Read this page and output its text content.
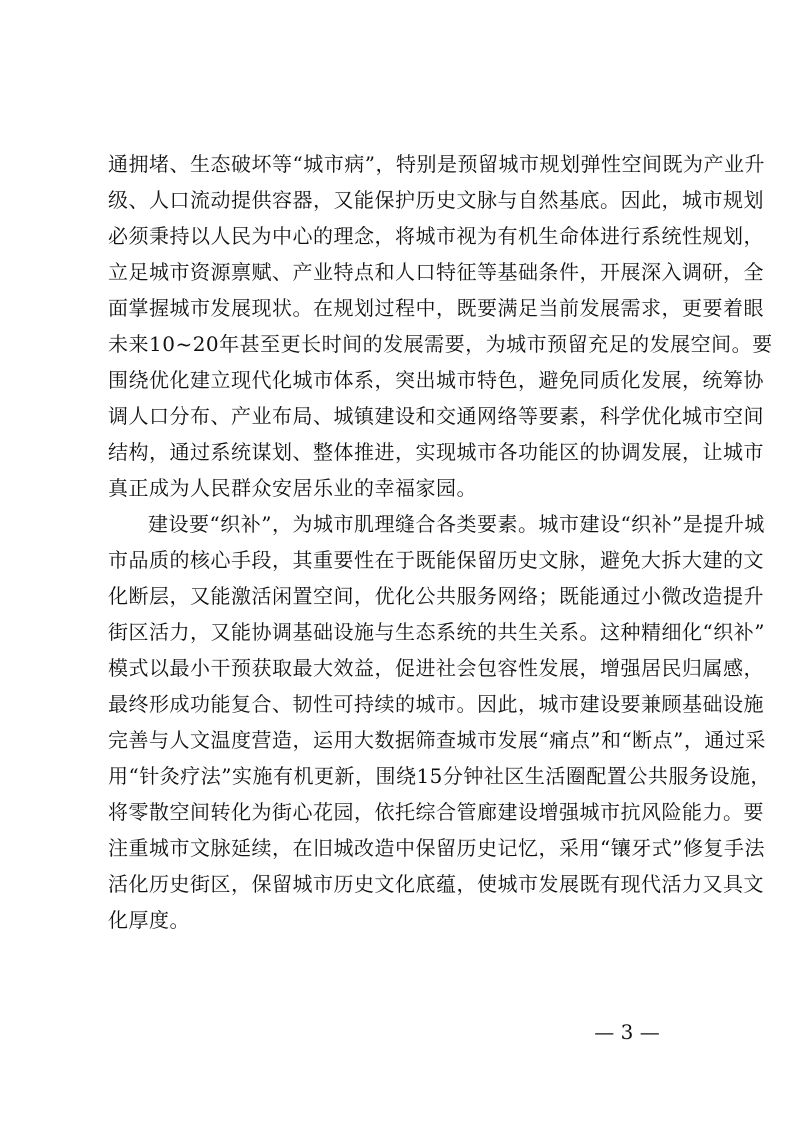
通拥堵、生态破坏等“城市病”，特别是预留城市规划弹性空间既为产业升
级、人口流动提供容器，又能保护历史文脉与自然基底。因此，城市规划
必须秉持以人民为中心的理念，将城市视为有机生命体进行系统性规划，
立足城市资源禀赋、产业特点和人口特征等基础条件，开展深入调研，全
面掌握城市发展现状。在规划过程中，既要满足当前发展需求，更要着眼
未来10~20年甚至更长时间的发展需要，为城市预留充足的发展空间。要
围绕优化建立现代化城市体系，突出城市特色，避免同质化发展，统筹协
调人口分布、产业布局、城镇建设和交通网络等要素，科学优化城市空间
结构，通过系统谋划、整体推进，实现城市各功能区的协调发展，让城市
真正成为人民群众安居乐业的幸福家园。
建设要“织补”，为城市肌理缝合各类要素。城市建设“织补”是提升城
市品质的核心手段，其重要性在于既能保留历史文脉，避免大拆大建的文
化断层，又能激活闲置空间，优化公共服务网络；既能通过小微改造提升
街区活力，又能协调基础设施与生态系统的共生关系。这种精细化“织补”
模式以最小干预获取最大效益，促进社会包容性发展，增强居民归属感，
最终形成功能复合、韧性可持续的城市。因此，城市建设要兼顾基础设施
完善与人文温度营造，运用大数据筛查城市发展“痛点”和“断点”，通过采
用“针灸疗法”实施有机更新，围绕15分钟社区生活圈配置公共服务设施，
将零散空间转化为街心花园，依托综合管廊建设增强城市抗风险能力。要
注重城市文脉延续，在旧城改造中保留历史记忆，采用“镶牙式”修复手法
活化历史街区，保留城市历史文化底蕴，使城市发展既有现代活力又具文
化厚度。
— 3 —
